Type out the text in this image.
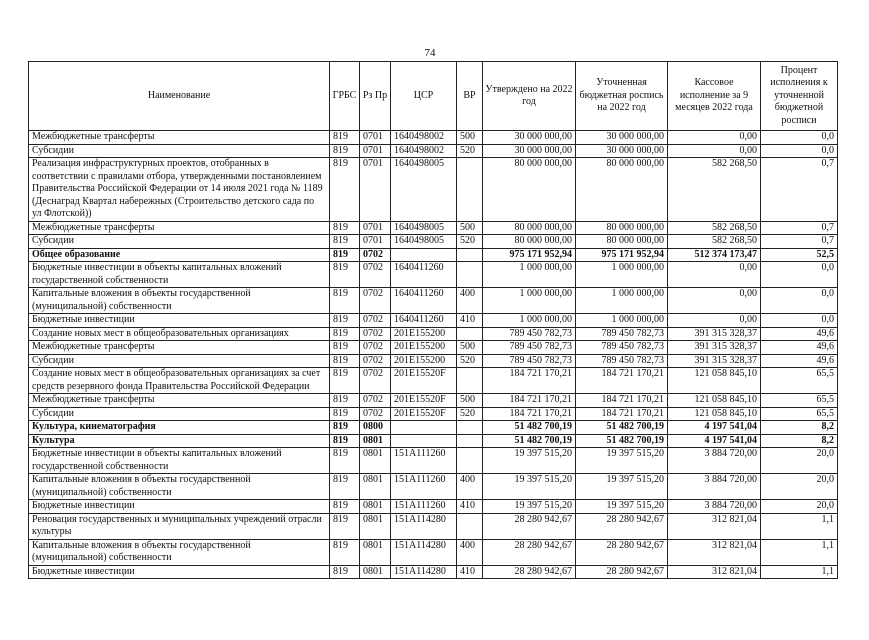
74
Наименование	ГРБС	Рз Пр	ЦСР	ВР	Утверждено на 2022 год	Уточненная бюджетная роспись на 2022 год	Кассовое исполнение за 9 месяцев 2022 года	Процент исполнения к уточненной бюджетной росписи
Межбюджетные трансферты	819	0701	1640498002	500	30 000 000,00	30 000 000,00	0,00	0,0
Субсидии	819	0701	1640498002	520	30 000 000,00	30 000 000,00	0,00	0,0
Реализация инфраструктурных проектов, отобранных в соответствии с правилами отбора, утвержденными постановлением Правительства Российской Федерации от 14 июля 2021 года № 1189 (Деснаград Квартал набережных (Строительство детского сада по ул Флотской))	819	0701	1640498005		80 000 000,00	80 000 000,00	582 268,50	0,7
Межбюджетные трансферты	819	0701	1640498005	500	80 000 000,00	80 000 000,00	582 268,50	0,7
Субсидии	819	0701	1640498005	520	80 000 000,00	80 000 000,00	582 268,50	0,7
Общее образование	819	0702			975 171 952,94	975 171 952,94	512 374 173,47	52,5
Бюджетные инвестиции в объекты капитальных вложений государственной собственности	819	0702	1640411260		1 000 000,00	1 000 000,00	0,00	0,0
Капитальные вложения в объекты государственной (муниципальной) собственности	819	0702	1640411260	400	1 000 000,00	1 000 000,00	0,00	0,0
Бюджетные инвестиции	819	0702	1640411260	410	1 000 000,00	1 000 000,00	0,00	0,0
Создание новых мест в общеобразовательных организациях	819	0702	201E155200		789 450 782,73	789 450 782,73	391 315 328,37	49,6
Межбюджетные трансферты	819	0702	201E155200	500	789 450 782,73	789 450 782,73	391 315 328,37	49,6
Субсидии	819	0702	201E155200	520	789 450 782,73	789 450 782,73	391 315 328,37	49,6
Создание новых мест в общеобразовательных организациях за счет средств резервного фонда Правительства Российской Федерации	819	0702	201E15520F		184 721 170,21	184 721 170,21	121 058 845,10	65,5
Межбюджетные трансферты	819	0702	201E15520F	500	184 721 170,21	184 721 170,21	121 058 845,10	65,5
Субсидии	819	0702	201E15520F	520	184 721 170,21	184 721 170,21	121 058 845,10	65,5
Культура, кинематография	819	0800			51 482 700,19	51 482 700,19	4 197 541,04	8,2
Культура	819	0801			51 482 700,19	51 482 700,19	4 197 541,04	8,2
Бюджетные инвестиции в объекты капитальных вложений государственной собственности	819	0801	151A111260		19 397 515,20	19 397 515,20	3 884 720,00	20,0
Капитальные вложения в объекты государственной (муниципальной) собственности	819	0801	151A111260	400	19 397 515,20	19 397 515,20	3 884 720,00	20,0
Бюджетные инвестиции	819	0801	151A111260	410	19 397 515,20	19 397 515,20	3 884 720,00	20,0
Реновация государственных и муниципальных учреждений отрасли культуры	819	0801	151A114280		28 280 942,67	28 280 942,67	312 821,04	1,1
Капитальные вложения в объекты государственной (муниципальной) собственности	819	0801	151A114280	400	28 280 942,67	28 280 942,67	312 821,04	1,1
Бюджетные инвестиции	819	0801	151A114280	410	28 280 942,67	28 280 942,67	312 821,04	1,1
